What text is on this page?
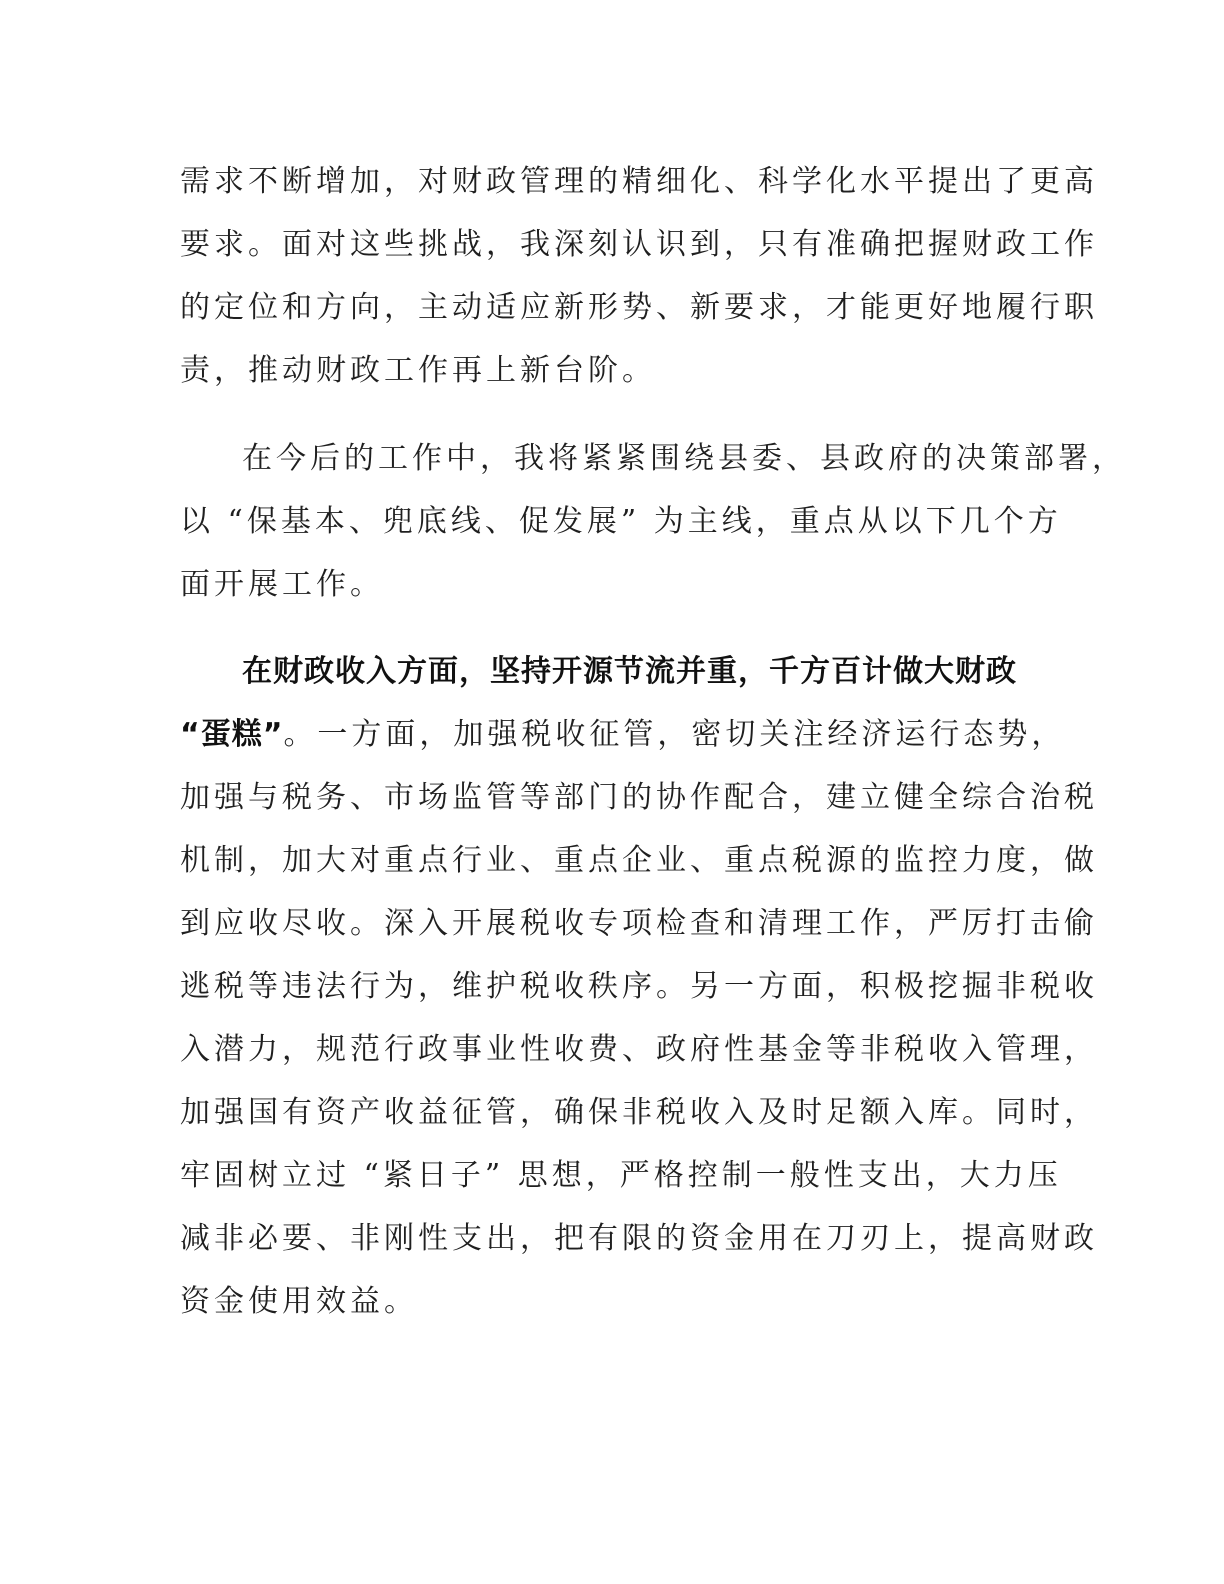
需求不断增加，对财政管理的精细化、科学化水平提出了更高
要求。面对这些挑战，我深刻认识到，只有准确把握财政工作
的定位和方向，主动适应新形势、新要求，才能更好地履行职
责，推动财政工作再上新台阶。
在今后的工作中，我将紧紧围绕县委、县政府的决策部署，
以 “保基本、兜底线、促发展” 为主线，重点从以下几个方
面开展工作。
在财政收入方面，坚持开源节流并重，千方百计做大财政
“蛋糕”。一方面，加强税收征管，密切关注经济运行态势，
加强与税务、市场监管等部门的协作配合，建立健全综合治税
机制，加大对重点行业、重点企业、重点税源的监控力度，做
到应收尽收。深入开展税收专项检查和清理工作，严厉打击偷
逃税等违法行为，维护税收秩序。另一方面，积极挖掘非税收
入潜力，规范行政事业性收费、政府性基金等非税收入管理，
加强国有资产收益征管，确保非税收入及时足额入库。同时，
牢固树立过 “紧日子” 思想，严格控制一般性支出，大力压
减非必要、非刚性支出，把有限的资金用在刀刃上，提高财政
资金使用效益。
